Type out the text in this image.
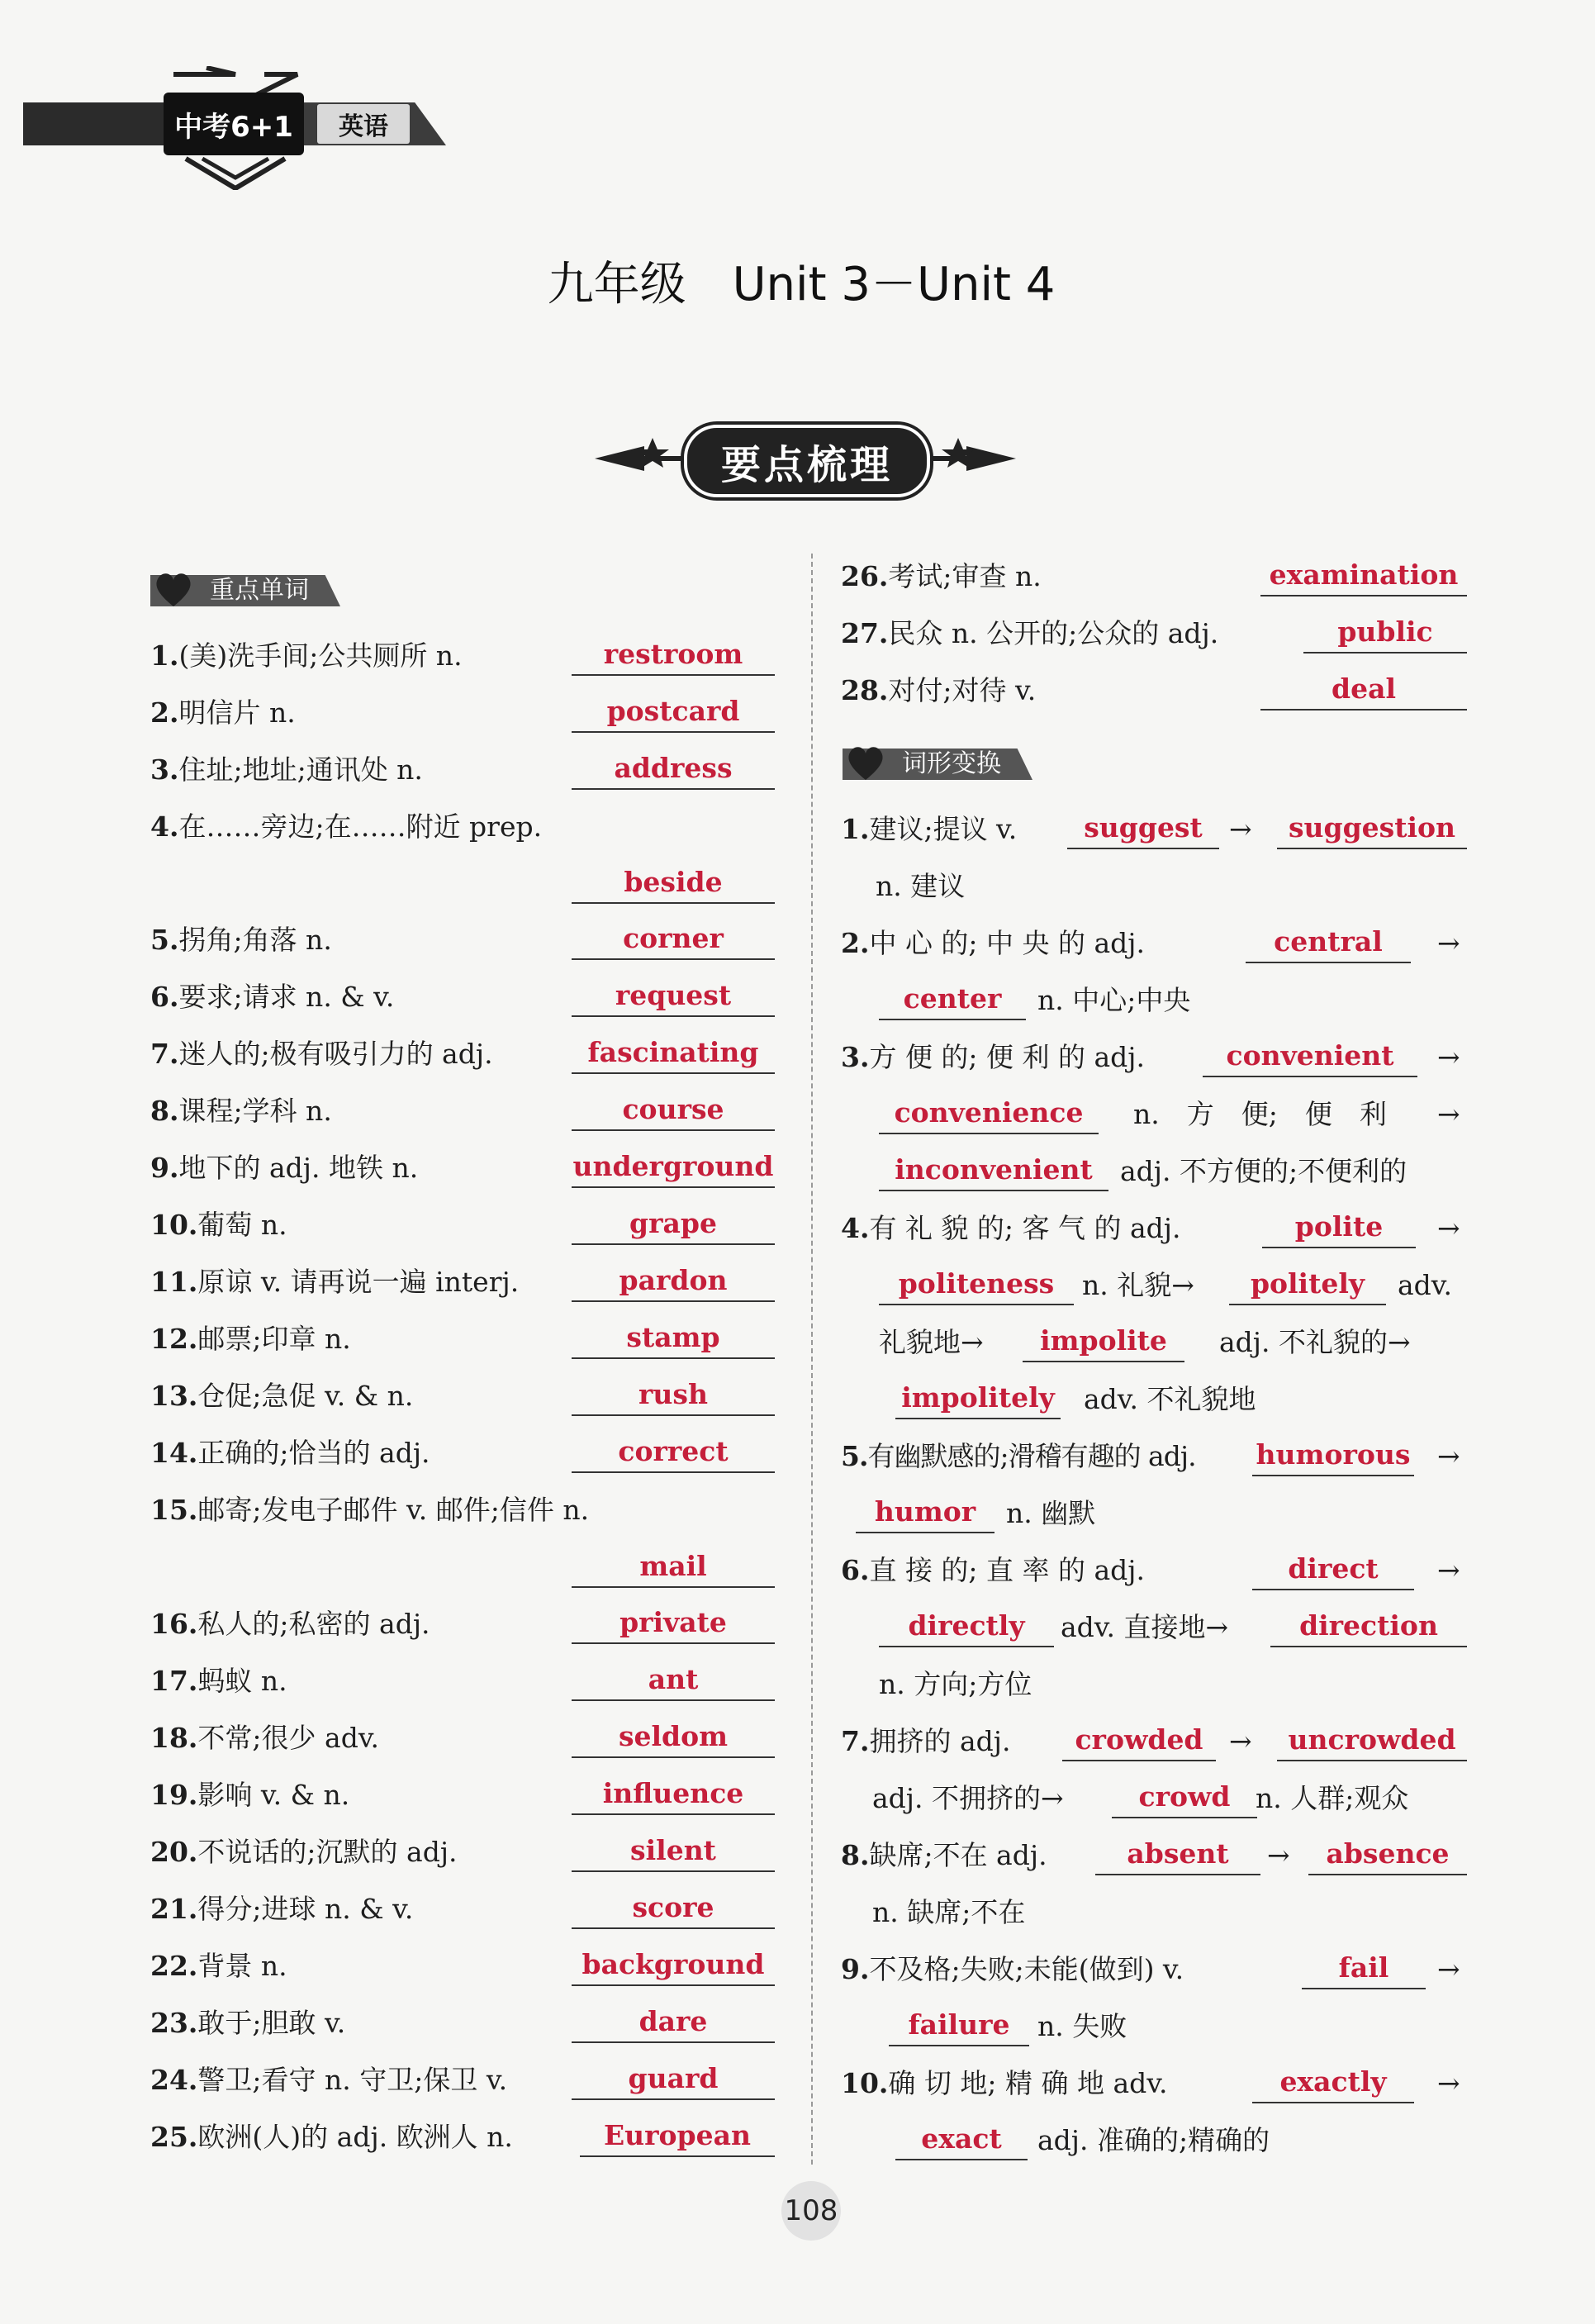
中考6+1	英语
九年级　Unit 3－Unit 4
要点梳理
重点单词
词形变换
1.(美)洗手间;公共厕所 n.	restroom
2.明信片 n.	postcard
3.住址;地址;通讯处 n.	address
4.在……旁边;在……附近 prep.
beside
5.拐角;角落 n.	corner
6.要求;请求 n. & v.	request
7.迷人的;极有吸引力的 adj.	fascinating
8.课程;学科 n.	course
9.地下的 adj. 地铁 n.	underground
10.葡萄 n.	grape
11.原谅 v. 请再说一遍 interj.	pardon
12.邮票;印章 n.	stamp
13.仓促;急促 v. & n.	rush
14.正确的;恰当的 adj.	correct
15.邮寄;发电子邮件 v. 邮件;信件 n.
mail
16.私人的;私密的 adj.	private
17.蚂蚁 n.	ant
18.不常;很少 adv.	seldom
19.影响 v. & n.	influence
20.不说话的;沉默的 adj.	silent
21.得分;进球 n. & v.	score
22.背景 n.	background
23.敢于;胆敢 v.	dare
24.警卫;看守 n. 守卫;保卫 v.	guard
25.欧洲(人)的 adj. 欧洲人 n.	European
26.考试;审查 n.	examination
27.民众 n. 公开的;公众的 adj.	public
28.对付;对待 v.	deal
1.建议;提议 v.	suggest →	suggestion
n. 建议
2.中 心 的; 中 央 的 adj.	central	→
center	n. 中心;中央
3.方 便 的; 便 利 的 adj.	convenient	→
convenience	n.　方　便;　便　利 →
inconvenient	adj. 不方便的;不便利的
4.有 礼 貌 的; 客 气 的 adj.	polite	→
politeness	n. 礼貌→	politely	adv.
礼貌地→	impolite	adj. 不礼貌的→
impolitely adv. 不礼貌地
5.有幽默感的;滑稽有趣的 adj. humorous →
humor	n. 幽默
6.直 接 的; 直 率 的 adj.	direct	→
directly	adv. 直接地→	direction
n. 方向;方位
7.拥挤的 adj.	crowded →	uncrowded
adj. 不拥挤的→	crowd n. 人群;观众
8.缺席;不在 adj.	absent	→	absence
n. 缺席;不在
9.不及格;失败;未能(做到) v.	fail	→
failure	n. 失败
10.确 切 地; 精 确 地 adv.	exactly	→
exact	adj. 准确的;精确的
108
